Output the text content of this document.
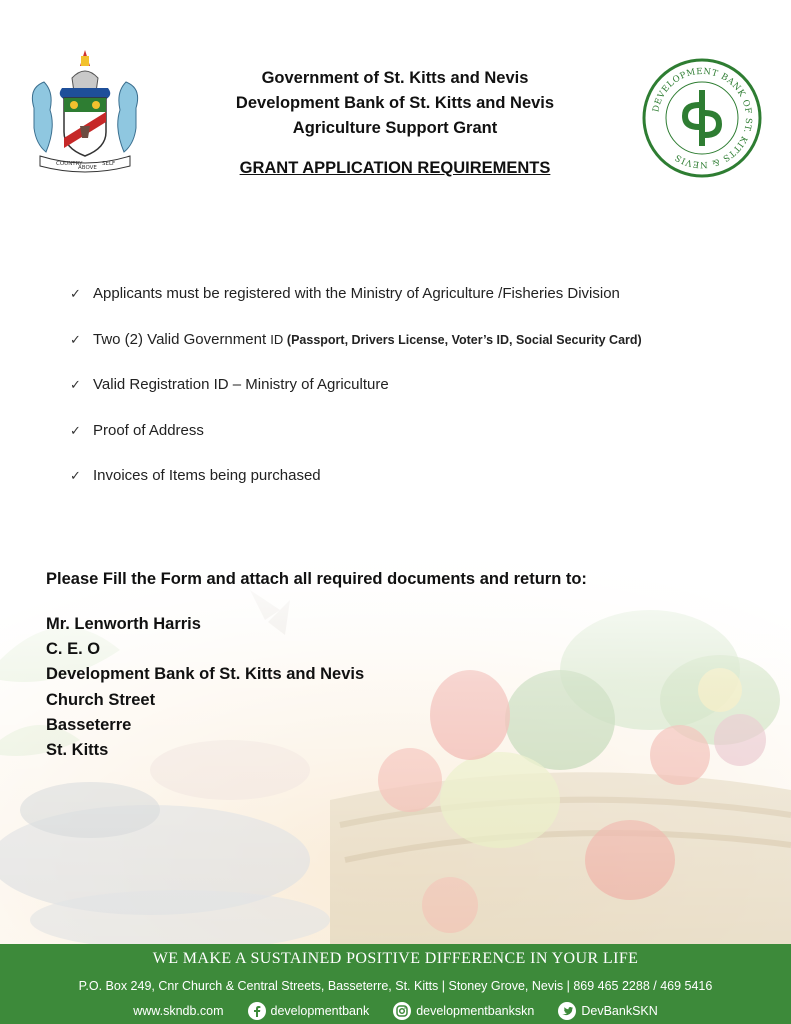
COUNTRY
ABOVE
SELF
Government of St. Kitts and Nevis
Development Bank of St. Kitts and Nevis
Agriculture Support Grant
GRANT APPLICATION REQUIREMENTS
DEVELOPMENT BANK OF ST. KITTS & NEVIS
✓ Applicants must be registered with the Ministry of Agriculture /Fisheries Division
✓ Two (2) Valid Government ID (Passport, Drivers License, Voter’s ID, Social Security Card)
✓ Valid Registration ID – Ministry of Agriculture
✓ Proof of Address
✓ Invoices of Items being purchased
Please Fill the Form and attach all required documents and return to:
Mr. Lenworth Harris
C. E. O
Development Bank of St. Kitts and Nevis
Church Street
Basseterre
St. Kitts
WE MAKE A SUSTAINED POSITIVE DIFFERENCE IN YOUR LIFE
P.O. Box 249, Cnr Church & Central Streets, Basseterre, St. Kitts | Stoney Grove, Nevis | 869 465 2288 / 469 5416
www.skndb.com	developmentbank	developmentbankskn	DevBankSKN
